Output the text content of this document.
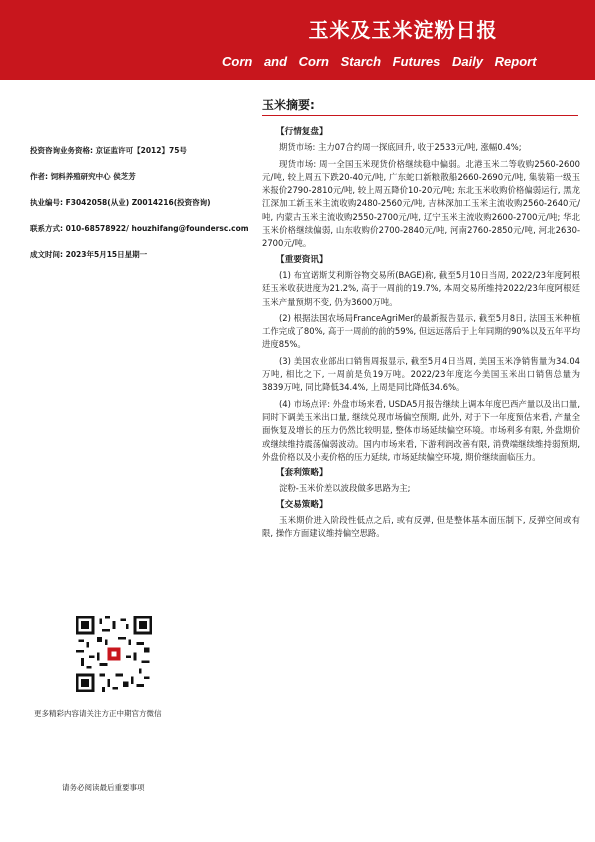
玉米及玉米淀粉日报
Corn and Corn Starch Futures Daily Report
玉米摘要:
投资咨询业务资格: 京证监许可【2012】75号
作者: 饲料养殖研究中心 侯芝芳
执业编号: F3042058(从业) Z0014216(投资咨询)
联系方式: 010-68578922/ houzhifang@foundersc.com
成文时间: 2023年5月15日星期一
【行情复盘】

期货市场: 主力07合约周一探底回升, 收于2533元/吨, 涨幅0.4%;

现货市场: 周一全国玉米现货价格继续稳中偏弱。北港玉米二等收购2560-2600元/吨, 较上周五下跌20-40元/吨, 广东蛇口新粮散船2660-2690元/吨, 集装箱一级玉米报价2790-2810元/吨, 较上周五降价10-20元/吨; 东北玉米收购价格偏弱运行, 黑龙江深加工新玉米主流收购2480-2560元/吨, 吉林深加工玉米主流收购2560-2640元/吨, 内蒙古玉米主流收购2550-2700元/吨, 辽宁玉米主流收购2600-2700元/吨; 华北玉米价格继续偏弱, 山东收购价2700-2840元/吨, 河南2760-2850元/吨, 河北2630-2700元/吨。

【重要资讯】

(1) 布宜诺斯艾利斯谷物交易所(BAGE)称, 截至5月10日当周, 2022/23年度阿根廷玉米收获进度为21.2%, 高于一周前的19.7%, 本周交易所维持2022/23年度阿根廷玉米产量预期不变, 仍为3600万吨。

(2) 根据法国农场局FranceAgriMer的最新报告显示, 截至5月8日, 法国玉米种植工作完成了80%, 高于一周前的前的59%, 但远远落后于上年同期的90%以及五年平均进度85%。

(3) 美国农业部出口销售周报显示, 截至5月4日当周, 美国玉米净销售量为34.04万吨, 相比之下, 一周前是负19万吨。2022/23年度迄今美国玉米出口销售总量为3839万吨, 同比降低34.4%, 上周是同比降低34.6%。

(4) 市场点评: 外盘市场来看, USDA5月报告继续上调本年度巴西产量以及出口量, 同时下调美玉米出口量, 继续兑现市场偏空预期, 此外, 对于下一年度预估来看, 产量全面恢复及增长的压力仍然比较明显, 整体市场延续偏空环境。市场利多有限, 外盘期价或继续维持震荡偏弱波动。国内市场来看, 下游利润改善有限, 消费端继续维持弱预期, 外盘价格以及小麦价格的压力延续, 市场延续偏空环境, 期价继续面临压力。

【套利策略】

淀粉-玉米价差以波段做多思路为主;

【交易策略】

玉米期价进入阶段性低点之后, 或有反弹, 但是整体基本面压制下, 反弹空间或有限, 操作方面建议维持偏空思路。

更多精彩内容请关注方正中期官方微信
请务必阅读最后重要事项
